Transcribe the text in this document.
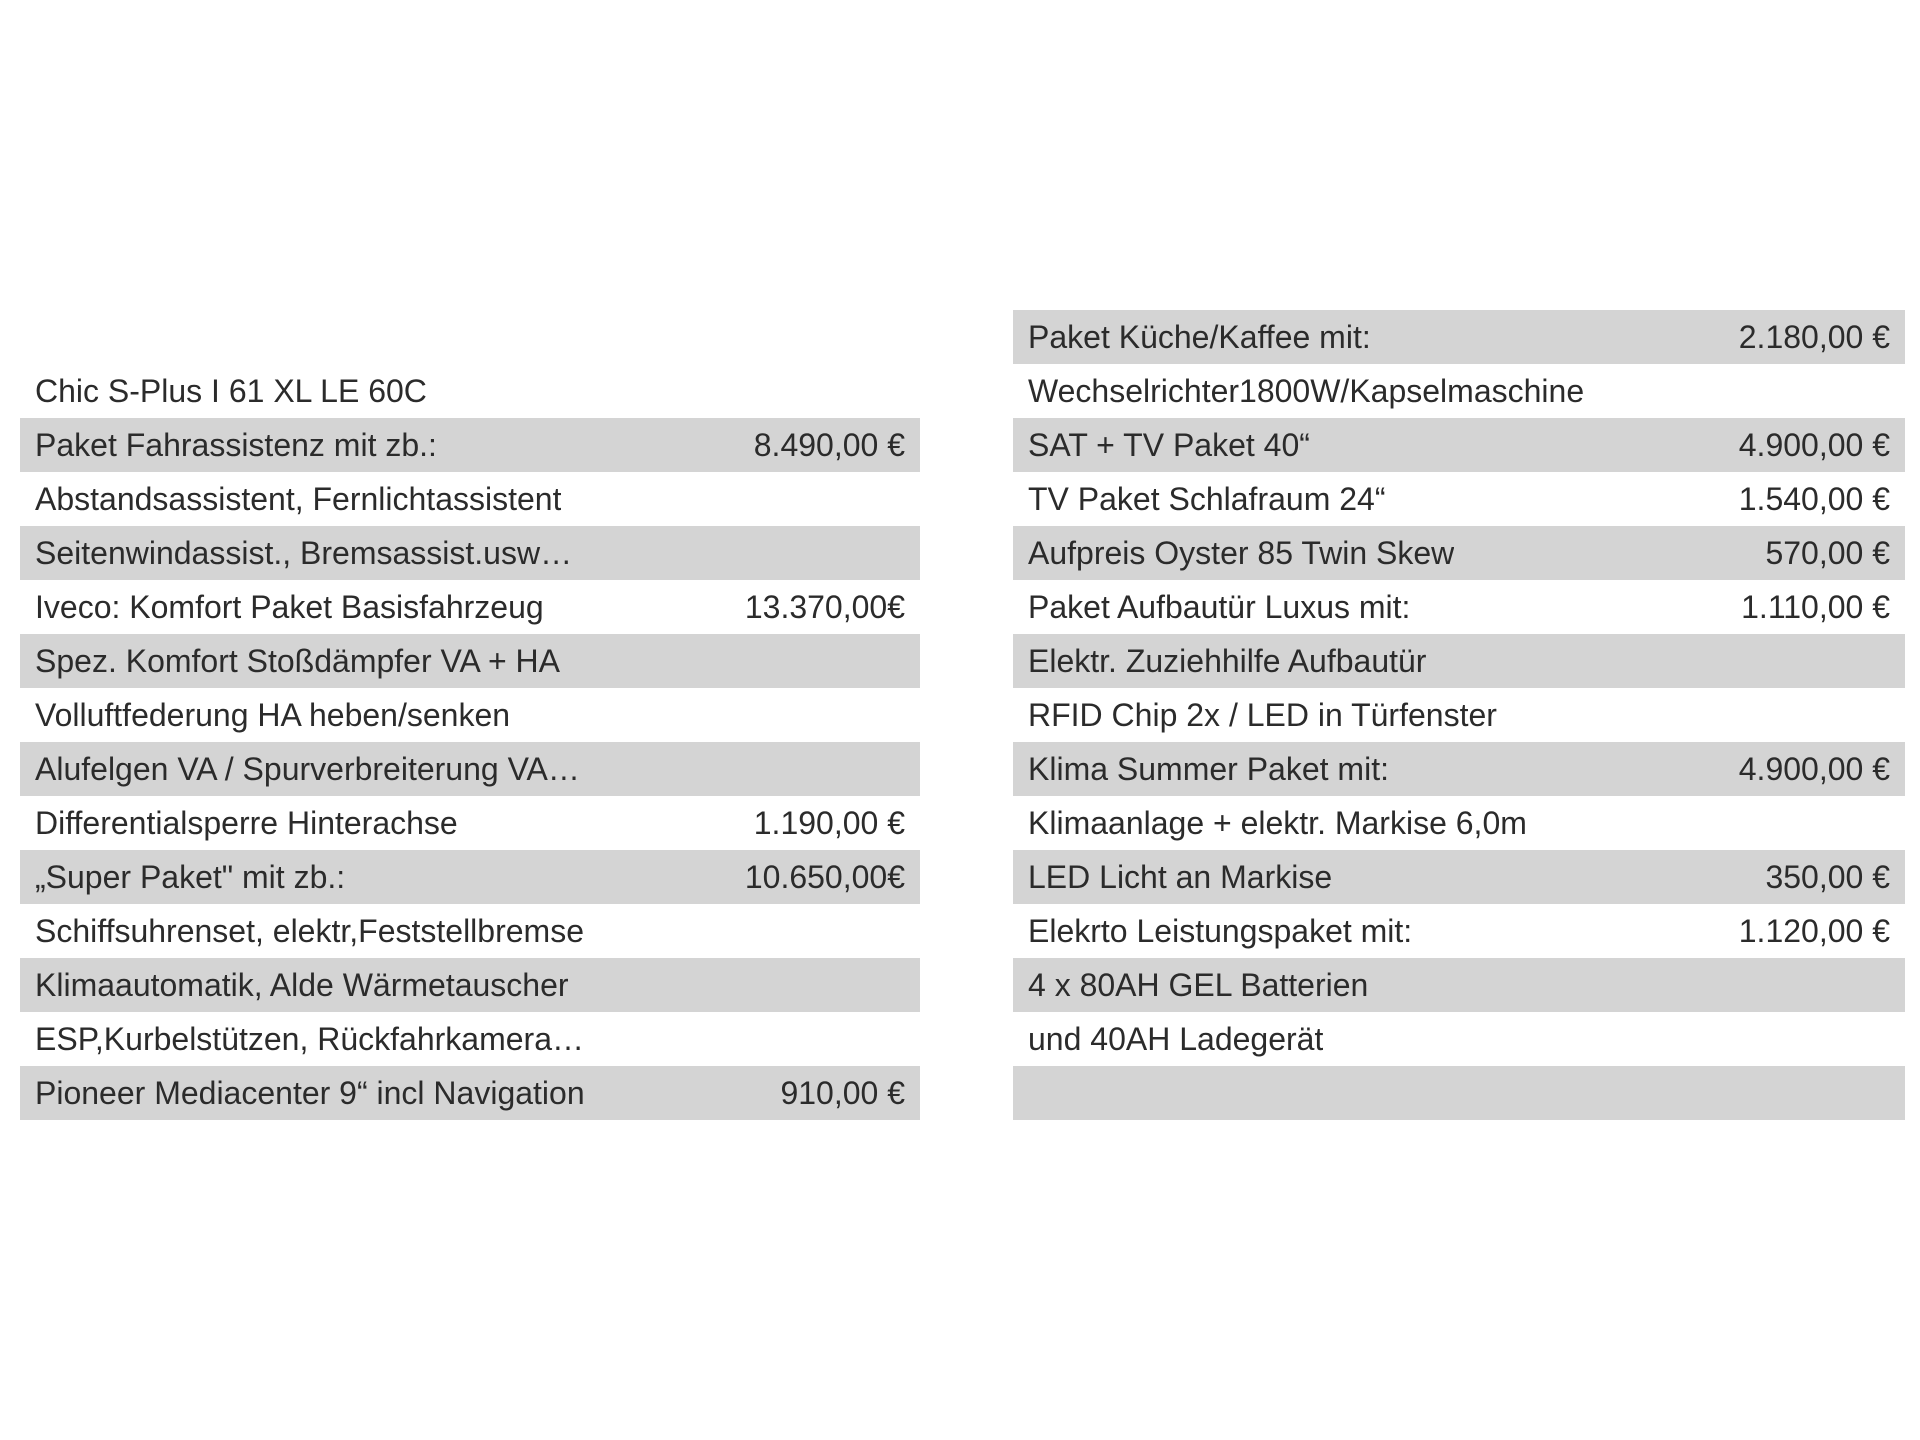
Chic S-Plus I 61 XL LE 60C
Paket Fahrassistenz mit zb.:	8.490,00 €
Abstandsassistent, Fernlichtassistent
Seitenwindassist., Bremsassist.usw…
Iveco: Komfort Paket Basisfahrzeug	13.370,00€
Spez. Komfort Stoßdämpfer VA + HA
Volluftfederung HA heben/senken
Alufelgen VA / Spurverbreiterung VA…
Differentialsperre Hinterachse	1.190,00 €
„Super Paket" mit zb.:	10.650,00€
Schiffsuhrenset, elektr,Feststellbremse
Klimaautomatik, Alde Wärmetauscher
ESP,Kurbelstützen, Rückfahrkamera…
Pioneer Mediacenter 9“ incl Navigation	910,00 €
Paket Küche/Kaffee mit:	2.180,00 €
Wechselrichter1800W/Kapselmaschine
SAT + TV Paket 40“	4.900,00 €
TV Paket Schlafraum 24“	1.540,00 €
Aufpreis Oyster 85 Twin Skew	570,00 €
Paket Aufbautür Luxus mit:	1.110,00 €
Elektr. Zuziehhilfe Aufbautür
RFID Chip 2x / LED in Türfenster
Klima Summer Paket mit:	4.900,00 €
Klimaanlage + elektr. Markise 6,0m
LED Licht an Markise	350,00 €
Elekrto Leistungspaket mit:	1.120,00 €
4 x 80AH GEL Batterien
und 40AH Ladegerät
